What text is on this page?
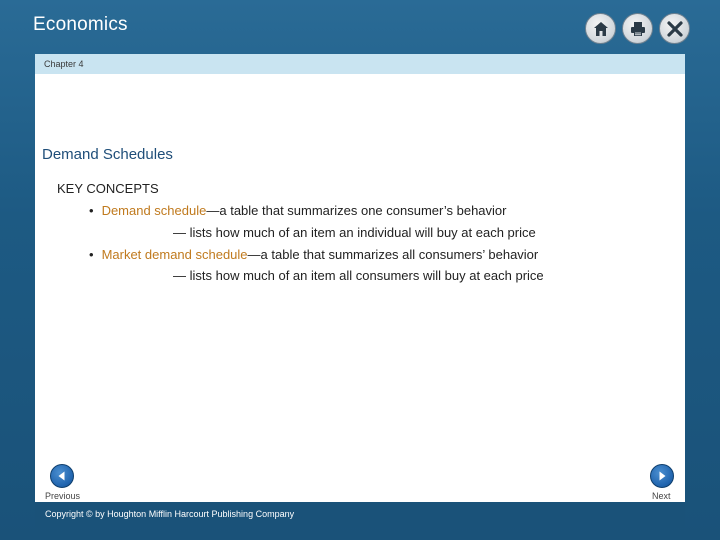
Economics
Chapter 4
Demand Schedules
KEY CONCEPTS
• Demand schedule—a table that summarizes one consumer’s behavior
— lists how much of an item an individual will buy at each price
• Market demand schedule—a table that summarizes all consumers’ behavior
— lists how much of an item all consumers will buy at each price
Previous	Next
Copyright © by Houghton Mifflin Harcourt Publishing Company
